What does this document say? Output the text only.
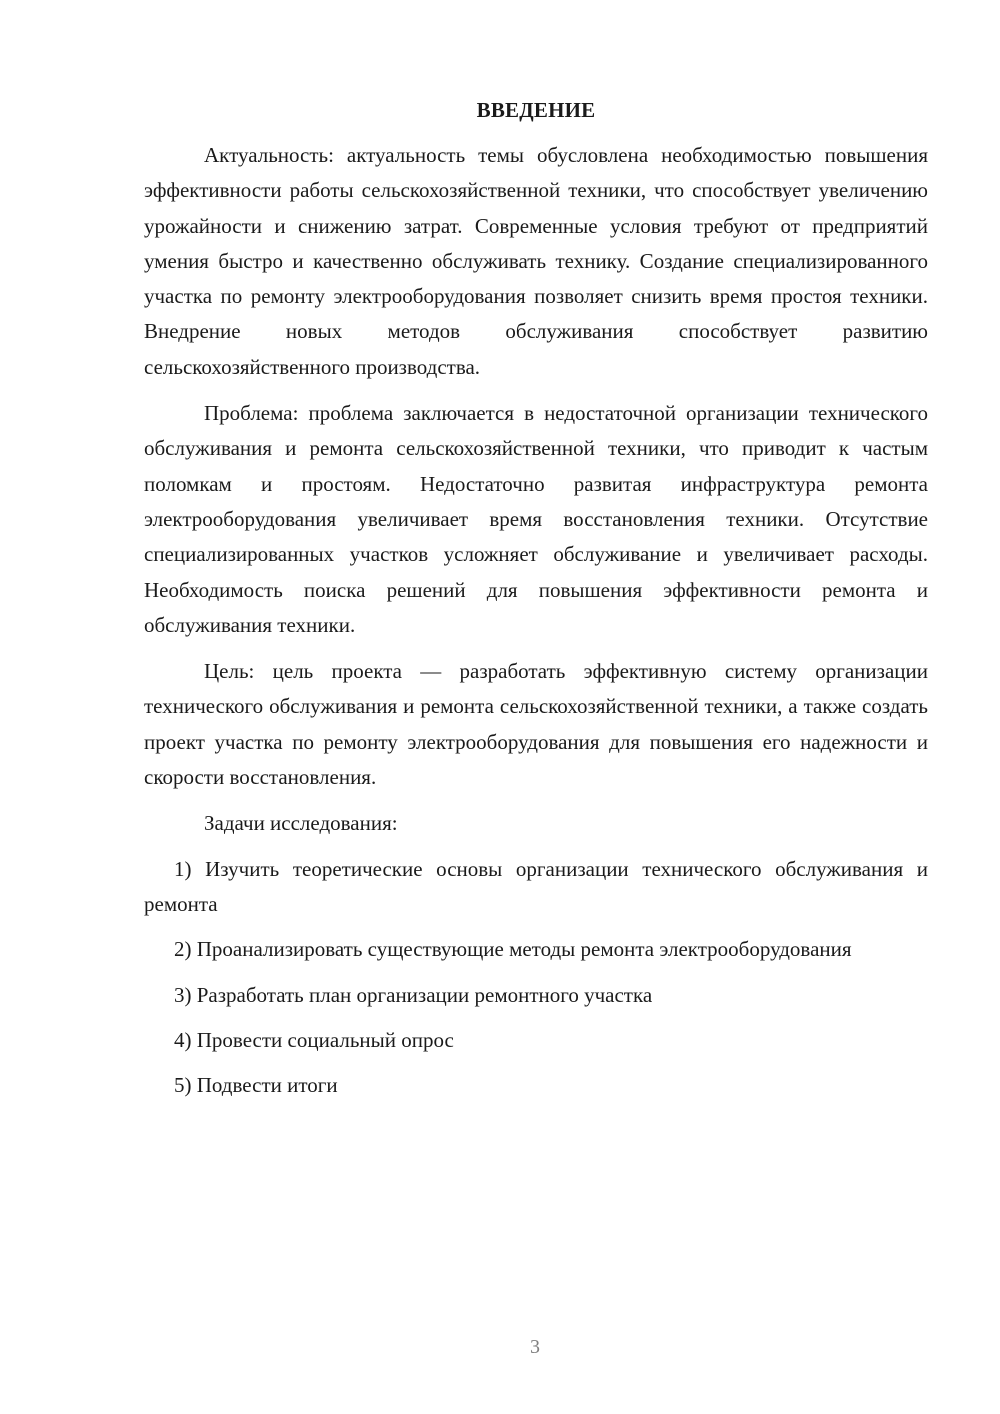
ВВЕДЕНИЕ

Актуальность: актуальность темы обусловлена необходимостью повышения эффективности работы сельскохозяйственной техники, что способствует увеличению урожайности и снижению затрат. Современные условия требуют от предприятий умения быстро и качественно обслуживать технику. Создание специализированного участка по ремонту электрооборудования позволяет снизить время простоя техники. Внедрение новых методов обслуживания способствует развитию сельскохозяйственного производства.

Проблема: проблема заключается в недостаточной организации технического обслуживания и ремонта сельскохозяйственной техники, что приводит к частым поломкам и простоям. Недостаточно развитая инфраструктура ремонта электрооборудования увеличивает время восстановления техники. Отсутствие специализированных участков усложняет обслуживание и увеличивает расходы. Необходимость поиска решений для повышения эффективности ремонта и обслуживания техники.

Цель: цель проекта — разработать эффективную систему организации технического обслуживания и ремонта сельскохозяйственной техники, а также создать проект участка по ремонту электрооборудования для повышения его надежности и скорости восстановления.

Задачи исследования:

1) Изучить теоретические основы организации технического обслуживания и ремонта

2) Проанализировать существующие методы ремонта электрооборудования

3) Разработать план организации ремонтного участка

4) Провести социальный опрос

5) Подвести итоги

3
